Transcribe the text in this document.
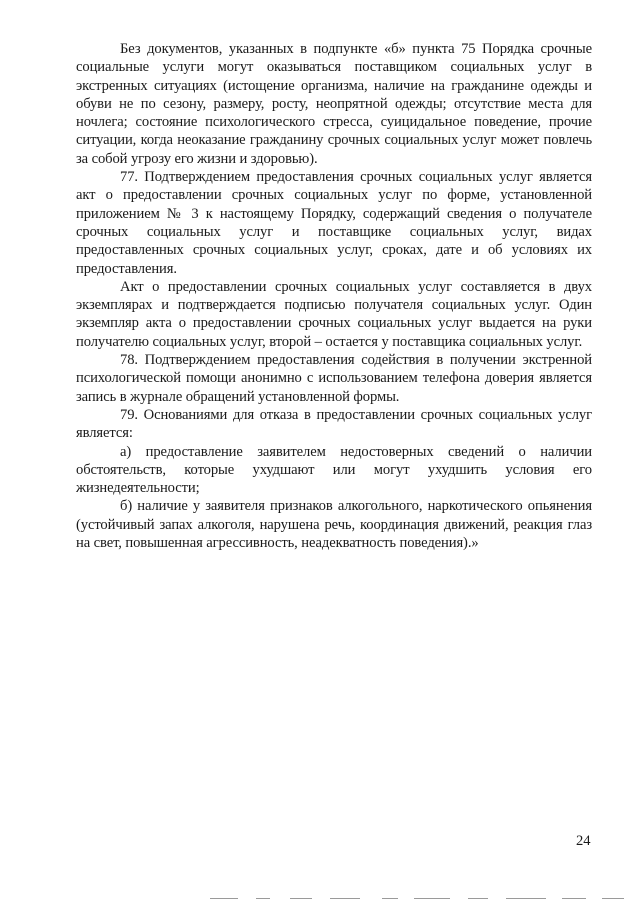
Без документов, указанных в подпункте «б» пункта 75 Порядка срочные социальные услуги могут оказываться поставщиком социальных услуг в экстренных ситуациях (истощение организма, наличие на гражданине одежды и обуви не по сезону, размеру, росту, неопрятной одежды; отсутствие места для ночлега; состояние психологического стресса, суицидальное поведение, прочие ситуации, когда неоказание гражданину срочных социальных услуг может повлечь за собой угрозу его жизни и здоровью).

77. Подтверждением предоставления срочных социальных услуг является акт о предоставлении срочных социальных услуг по форме, установленной приложением № 3 к настоящему Порядку, содержащий сведения о получателе срочных социальных услуг и поставщике социальных услуг, видах предоставленных срочных социальных услуг, сроках, дате и об условиях их предоставления.

Акт о предоставлении срочных социальных услуг составляется в двух экземплярах и подтверждается подписью получателя социальных услуг. Один экземпляр акта о предоставлении срочных социальных услуг выдается на руки получателю социальных услуг, второй – остается у поставщика социальных услуг.

78. Подтверждением предоставления содействия в получении экстренной психологической помощи анонимно с использованием телефона доверия является запись в журнале обращений установленной формы.

79. Основаниями для отказа в предоставлении срочных социальных услуг является:

а) предоставление заявителем недостоверных сведений о наличии обстоятельств, которые ухудшают или могут ухудшить условия его жизнедеятельности;

б) наличие у заявителя признаков алкогольного, наркотического опьянения (устойчивый запах алкоголя, нарушена речь, координация движений, реакция глаз на свет, повышенная агрессивность, неадекватность поведения).»

24
